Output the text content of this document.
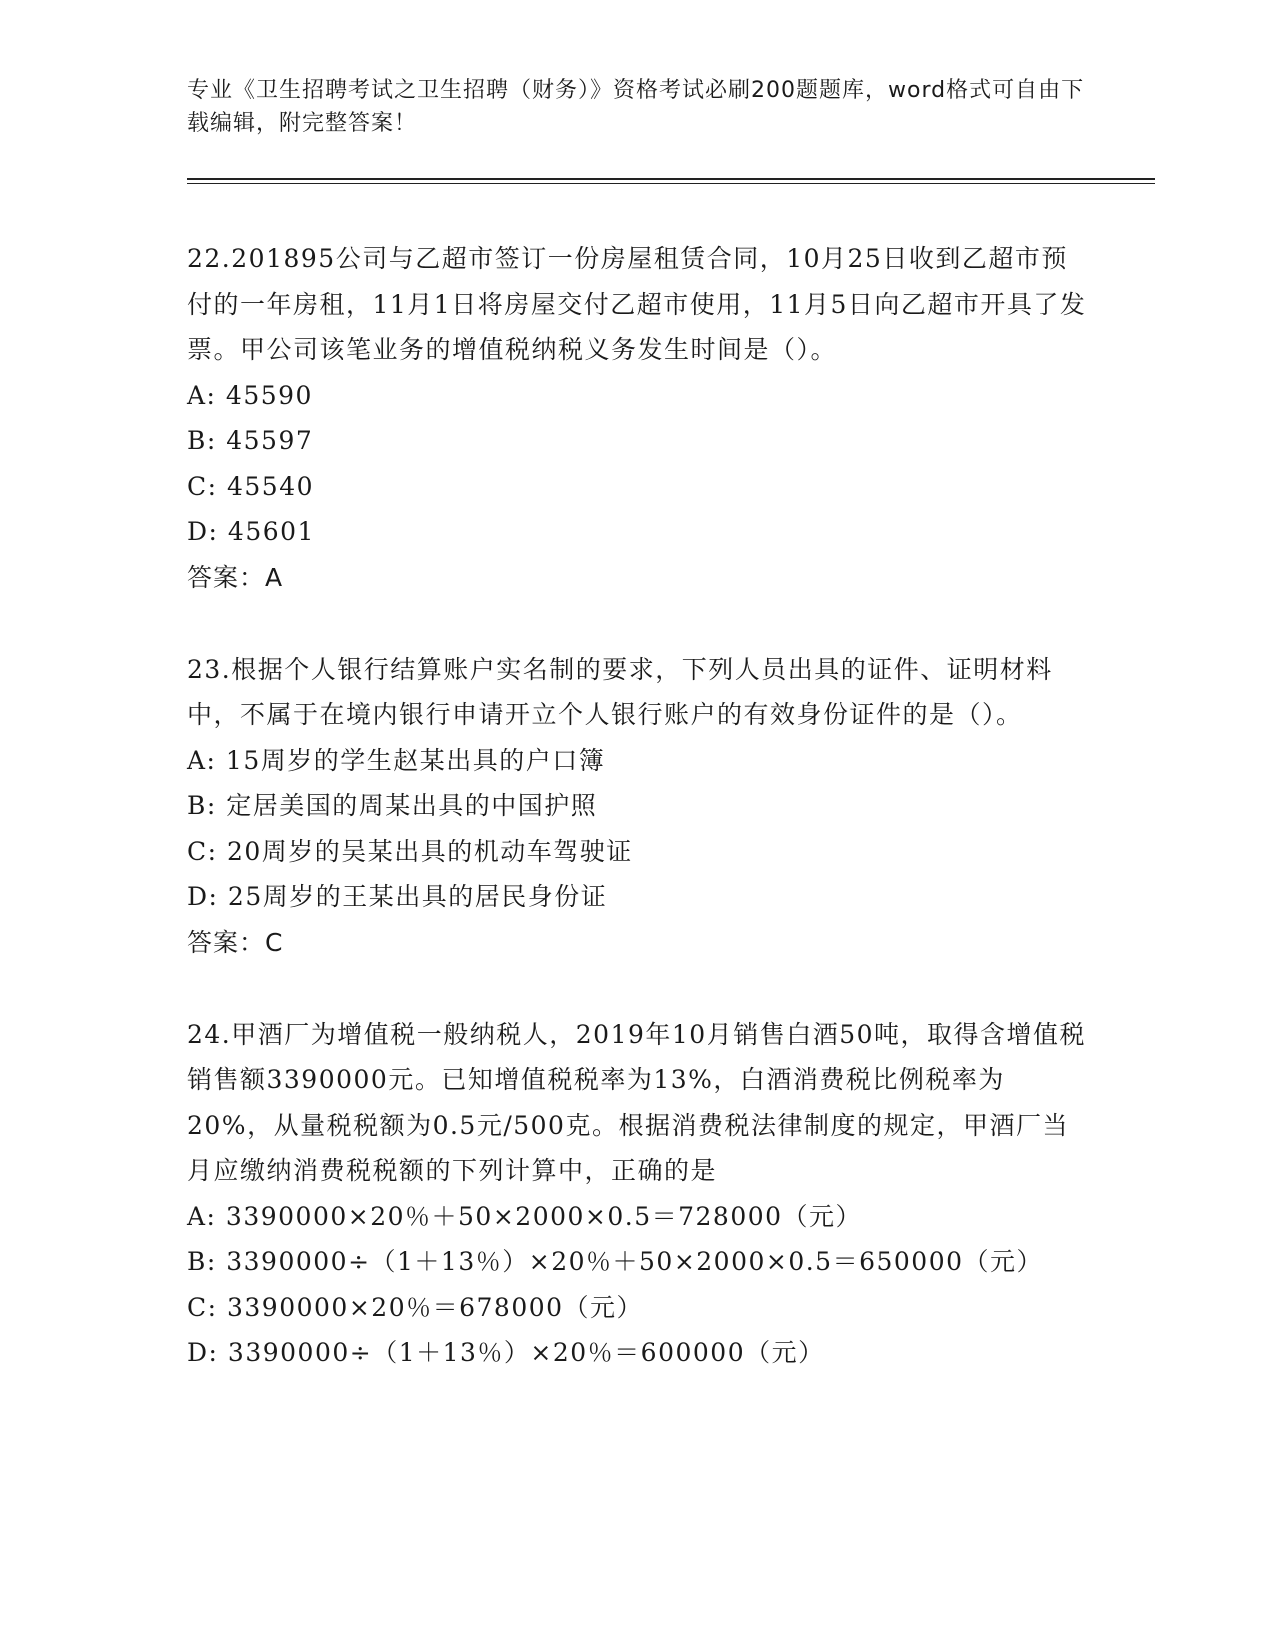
专业《卫生招聘考试之卫生招聘（财务）》资格考试必刷200题题库，word格式可自由下载编辑，附完整答案！
22.201895公司与乙超市签订一份房屋租赁合同，10月25日收到乙超市预付的一年房租，11月1日将房屋交付乙超市使用，11月5日向乙超市开具了发票。甲公司该笔业务的增值税纳税义务发生时间是（）。
A: 45590
B: 45597
C: 45540
D: 45601
答案：A
23.根据个人银行结算账户实名制的要求，下列人员出具的证件、证明材料中，不属于在境内银行申请开立个人银行账户的有效身份证件的是（）。
A: 15周岁的学生赵某出具的户口簿
B: 定居美国的周某出具的中国护照
C: 20周岁的吴某出具的机动车驾驶证
D: 25周岁的王某出具的居民身份证
答案：C
24.甲酒厂为增值税一般纳税人，2019年10月销售白酒50吨，取得含增值税销售额3390000元。已知增值税税率为13%，白酒消费税比例税率为20%，从量税税额为0.5元/500克。根据消费税法律制度的规定，甲酒厂当月应缴纳消费税税额的下列计算中，正确的是
A: 3390000×20％＋50×2000×0.5＝728000（元）
B: 3390000÷（1＋13％）×20％＋50×2000×0.5＝650000（元）
C: 3390000×20％＝678000（元）
D: 3390000÷（1＋13％）×20％＝600000（元）
